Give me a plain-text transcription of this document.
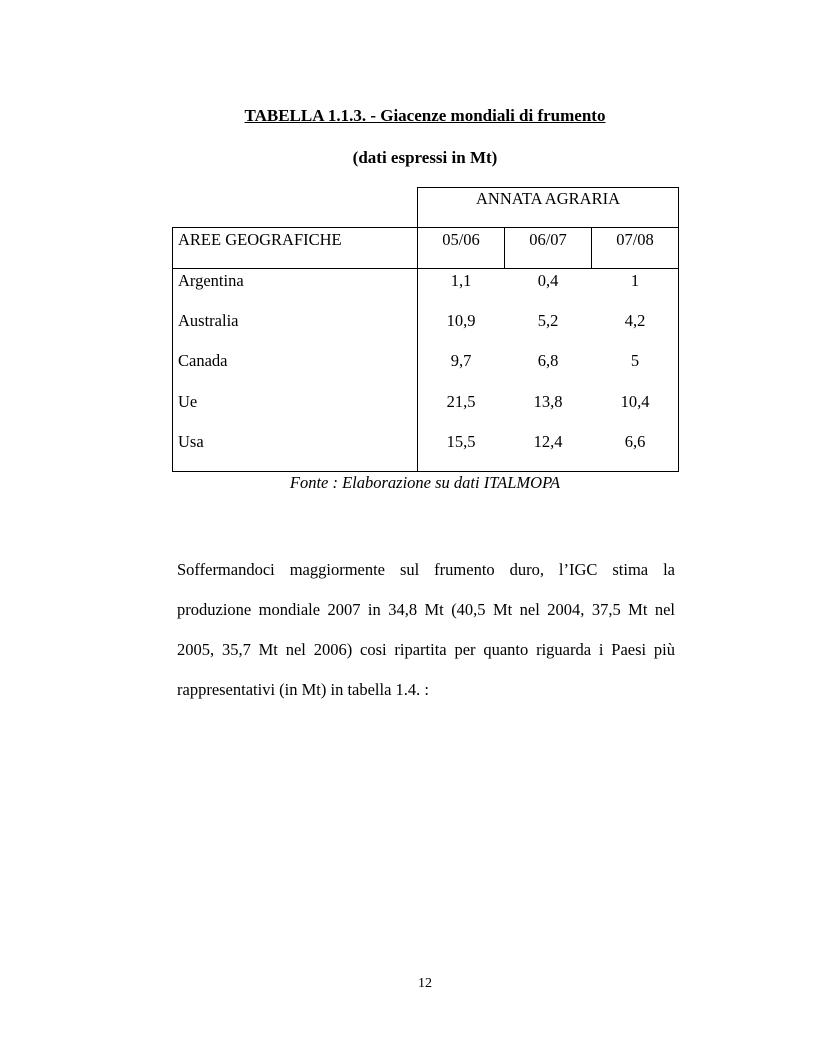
TABELLA 1.1.3. - Giacenze mondiali di frumento
(dati espressi in Mt)
ANNATA AGRARIA
AREE GEOGRAFICHE	05/06	06/07	07/08
Argentina	1,1	0,4	1
Australia	10,9	5,2	4,2
Canada	9,7	6,8	5
Ue	21,5	13,8	10,4
Usa	15,5	12,4	6,6
Fonte : Elaborazione su dati ITALMOPA

Soffermandoci maggiormente sul frumento duro, l’IGC stima la produzione mondiale 2007 in 34,8 Mt (40,5 Mt nel 2004, 37,5 Mt nel 2005, 35,7 Mt nel 2006) cosi ripartita per quanto riguarda i Paesi più rappresentativi (in Mt) in tabella 1.4. :

12
